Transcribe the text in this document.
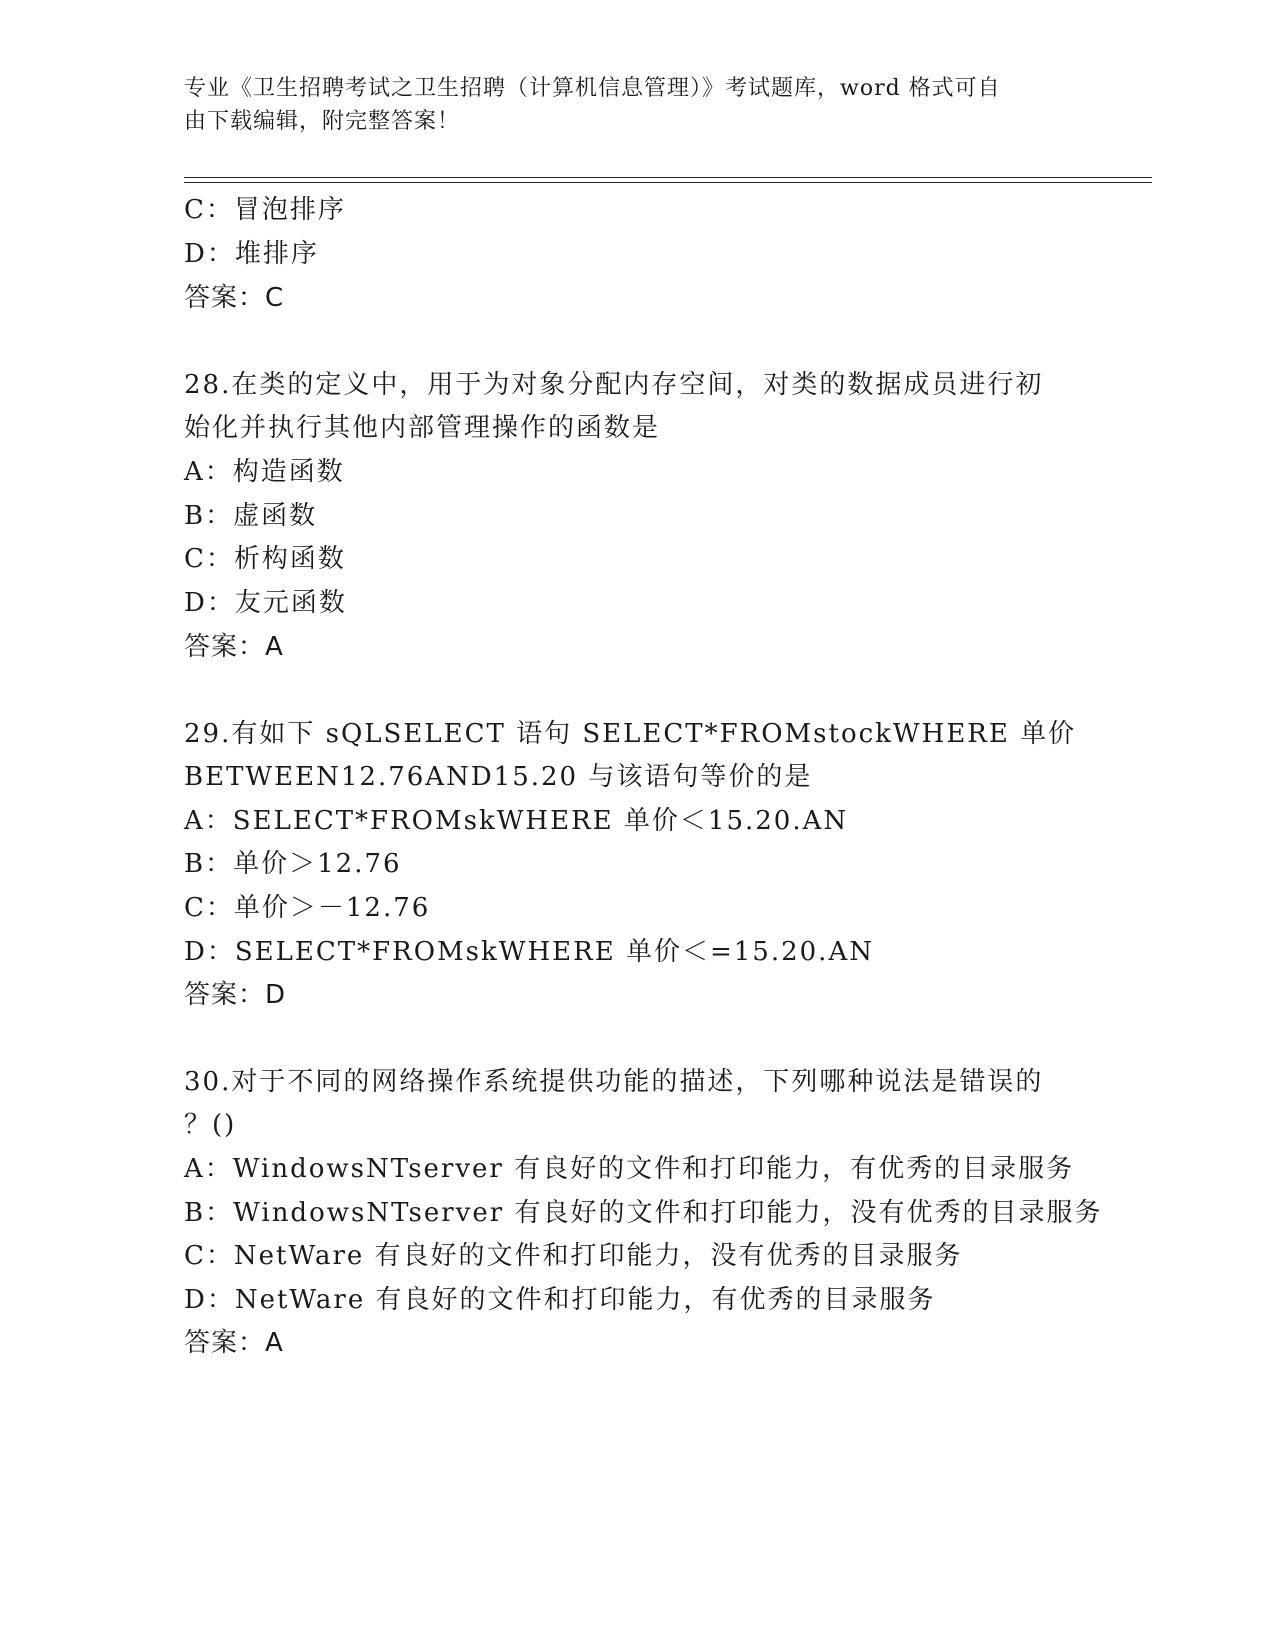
专业《卫生招聘考试之卫生招聘（计算机信息管理）》考试题库，word 格式可自
由下载编辑，附完整答案！
C：冒泡排序
D：堆排序
答案：C
28.在类的定义中，用于为对象分配内存空间，对类的数据成员进行初
始化并执行其他内部管理操作的函数是
A：构造函数
B：虚函数
C：析构函数
D：友元函数
答案：A
29.有如下 sQLSELECT 语句 SELECT*FROMstockWHERE 单价
BETWEEN12.76AND15.20 与该语句等价的是
A：SELECT*FROMskWHERE 单价＜15.20.AN
B：单价＞12.76
C：单价＞－12.76
D：SELECT*FROMskWHERE 单价＜=15.20.AN
答案：D
30.对于不同的网络操作系统提供功能的描述，下列哪种说法是错误的
？()
A：WindowsNTserver 有良好的文件和打印能力，有优秀的目录服务
B：WindowsNTserver 有良好的文件和打印能力，没有优秀的目录服务
C：NetWare 有良好的文件和打印能力，没有优秀的目录服务
D：NetWare 有良好的文件和打印能力，有优秀的目录服务
答案：A
